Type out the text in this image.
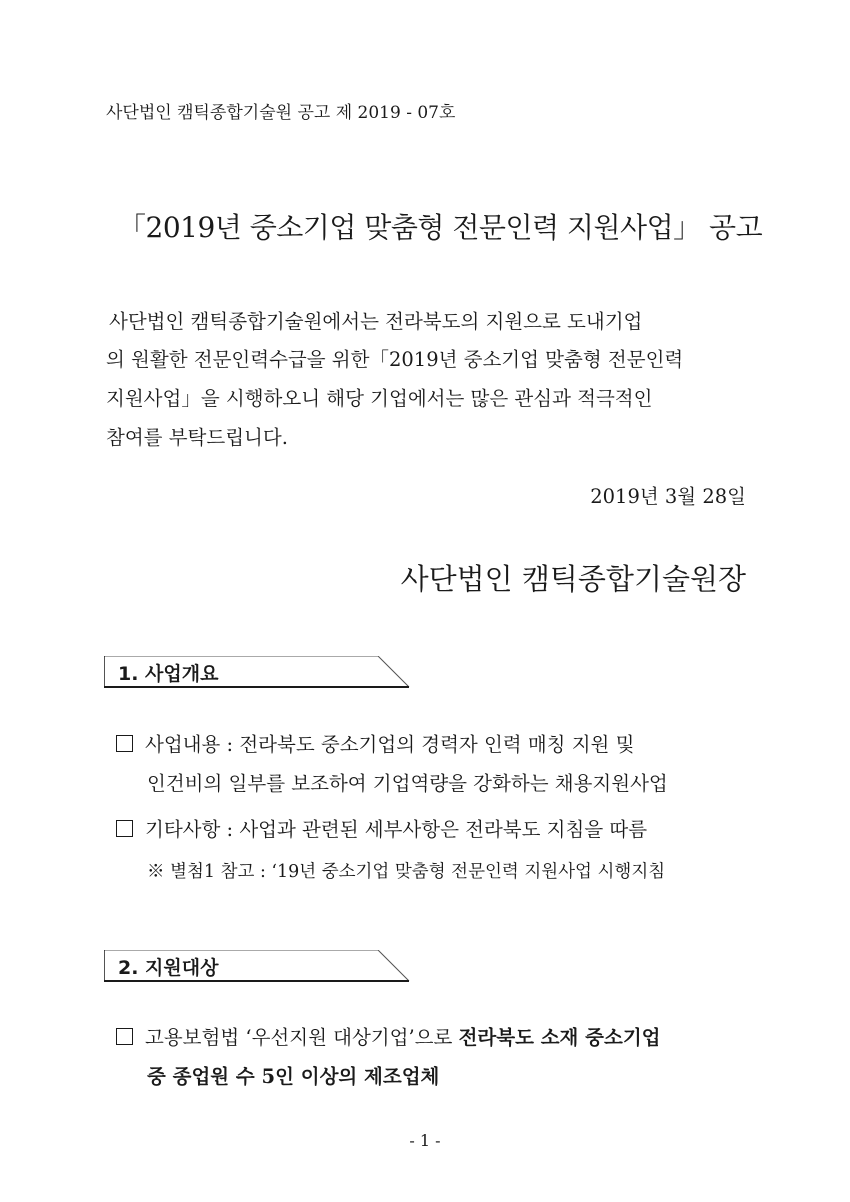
사단법인 캠틱종합기술원 공고 제 2019 - 07호
「2019년 중소기업 맞춤형 전문인력 지원사업」 공고
사단법인 캠틱종합기술원에서는 전라북도의 지원으로 도내기업
의 원활한 전문인력수급을 위한「2019년 중소기업 맞춤형 전문인력
지원사업」을 시행하오니 해당 기업에서는 많은 관심과 적극적인
참여를 부탁드립니다.
2019년 3월 28일
사단법인 캠틱종합기술원장
1. 사업개요
사업내용 : 전라북도 중소기업의 경력자 인력 매칭 지원 및
인건비의 일부를 보조하여 기업역량을 강화하는 채용지원사업
기타사항 : 사업과 관련된 세부사항은 전라북도 지침을 따름
※ 별첨1 참고 : ‘19년 중소기업 맞춤형 전문인력 지원사업 시행지침
2. 지원대상
고용보험법 ‘우선지원 대상기업’으로 전라북도 소재 중소기업
중 종업원 수 5인 이상의 제조업체
- 1 -
